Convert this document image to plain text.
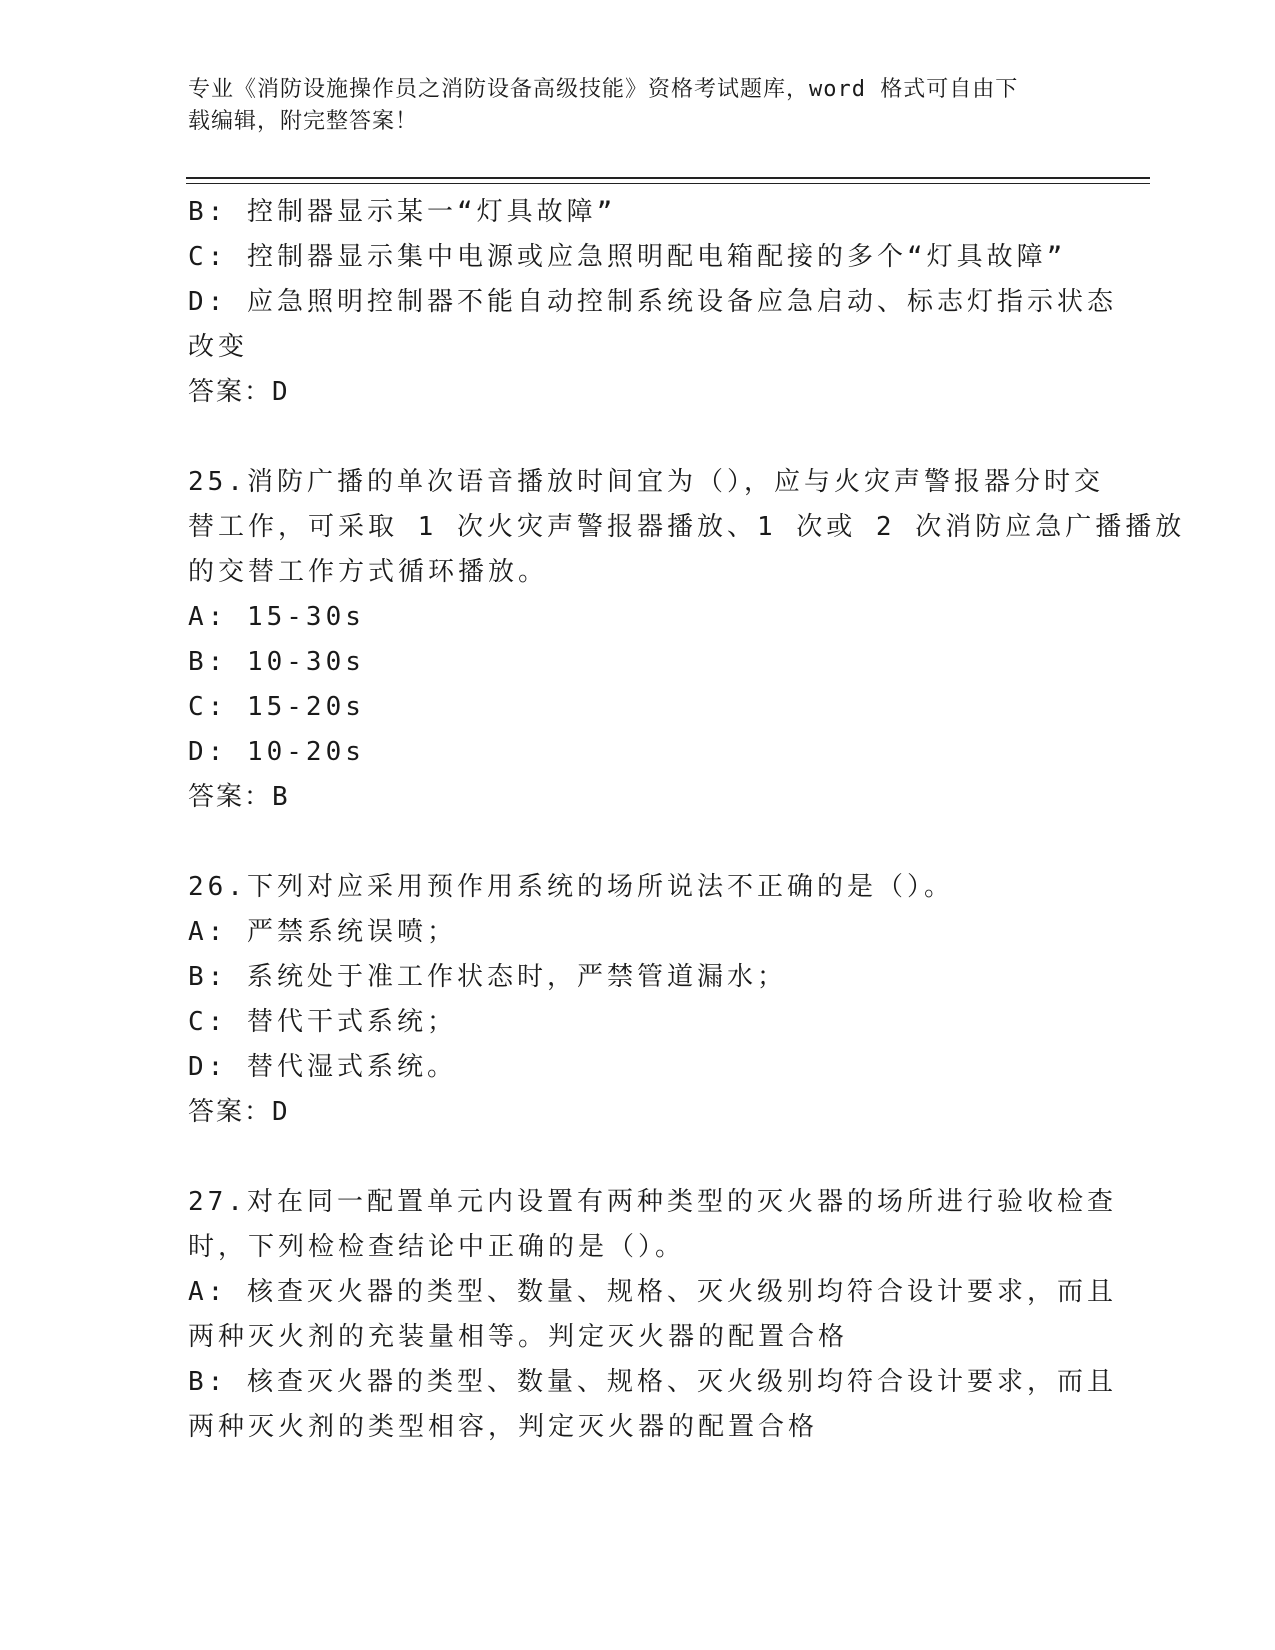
专业《消防设施操作员之消防设备高级技能》资格考试题库，word 格式可自由下
载编辑，附完整答案！
B: 控制器显示某一“灯具故障”
C: 控制器显示集中电源或应急照明配电箱配接的多个“灯具故障”
D: 应急照明控制器不能自动控制系统设备应急启动、标志灯指示状态
改变
答案：D
25.消防广播的单次语音播放时间宜为（），应与火灾声警报器分时交
替工作，可采取 1 次火灾声警报器播放、1 次或 2 次消防应急广播播放
的交替工作方式循环播放。
A: 15-30s
B: 10-30s
C: 15-20s
D: 10-20s
答案：B
26.下列对应采用预作用系统的场所说法不正确的是（）。
A: 严禁系统误喷；
B: 系统处于准工作状态时，严禁管道漏水；
C: 替代干式系统；
D: 替代湿式系统。
答案：D
27.对在同一配置单元内设置有两种类型的灭火器的场所进行验收检查
时，下列检检查结论中正确的是（）。
A: 核查灭火器的类型、数量、规格、灭火级别均符合设计要求，而且
两种灭火剂的充装量相等。判定灭火器的配置合格
B: 核查灭火器的类型、数量、规格、灭火级别均符合设计要求，而且
两种灭火剂的类型相容，判定灭火器的配置合格
